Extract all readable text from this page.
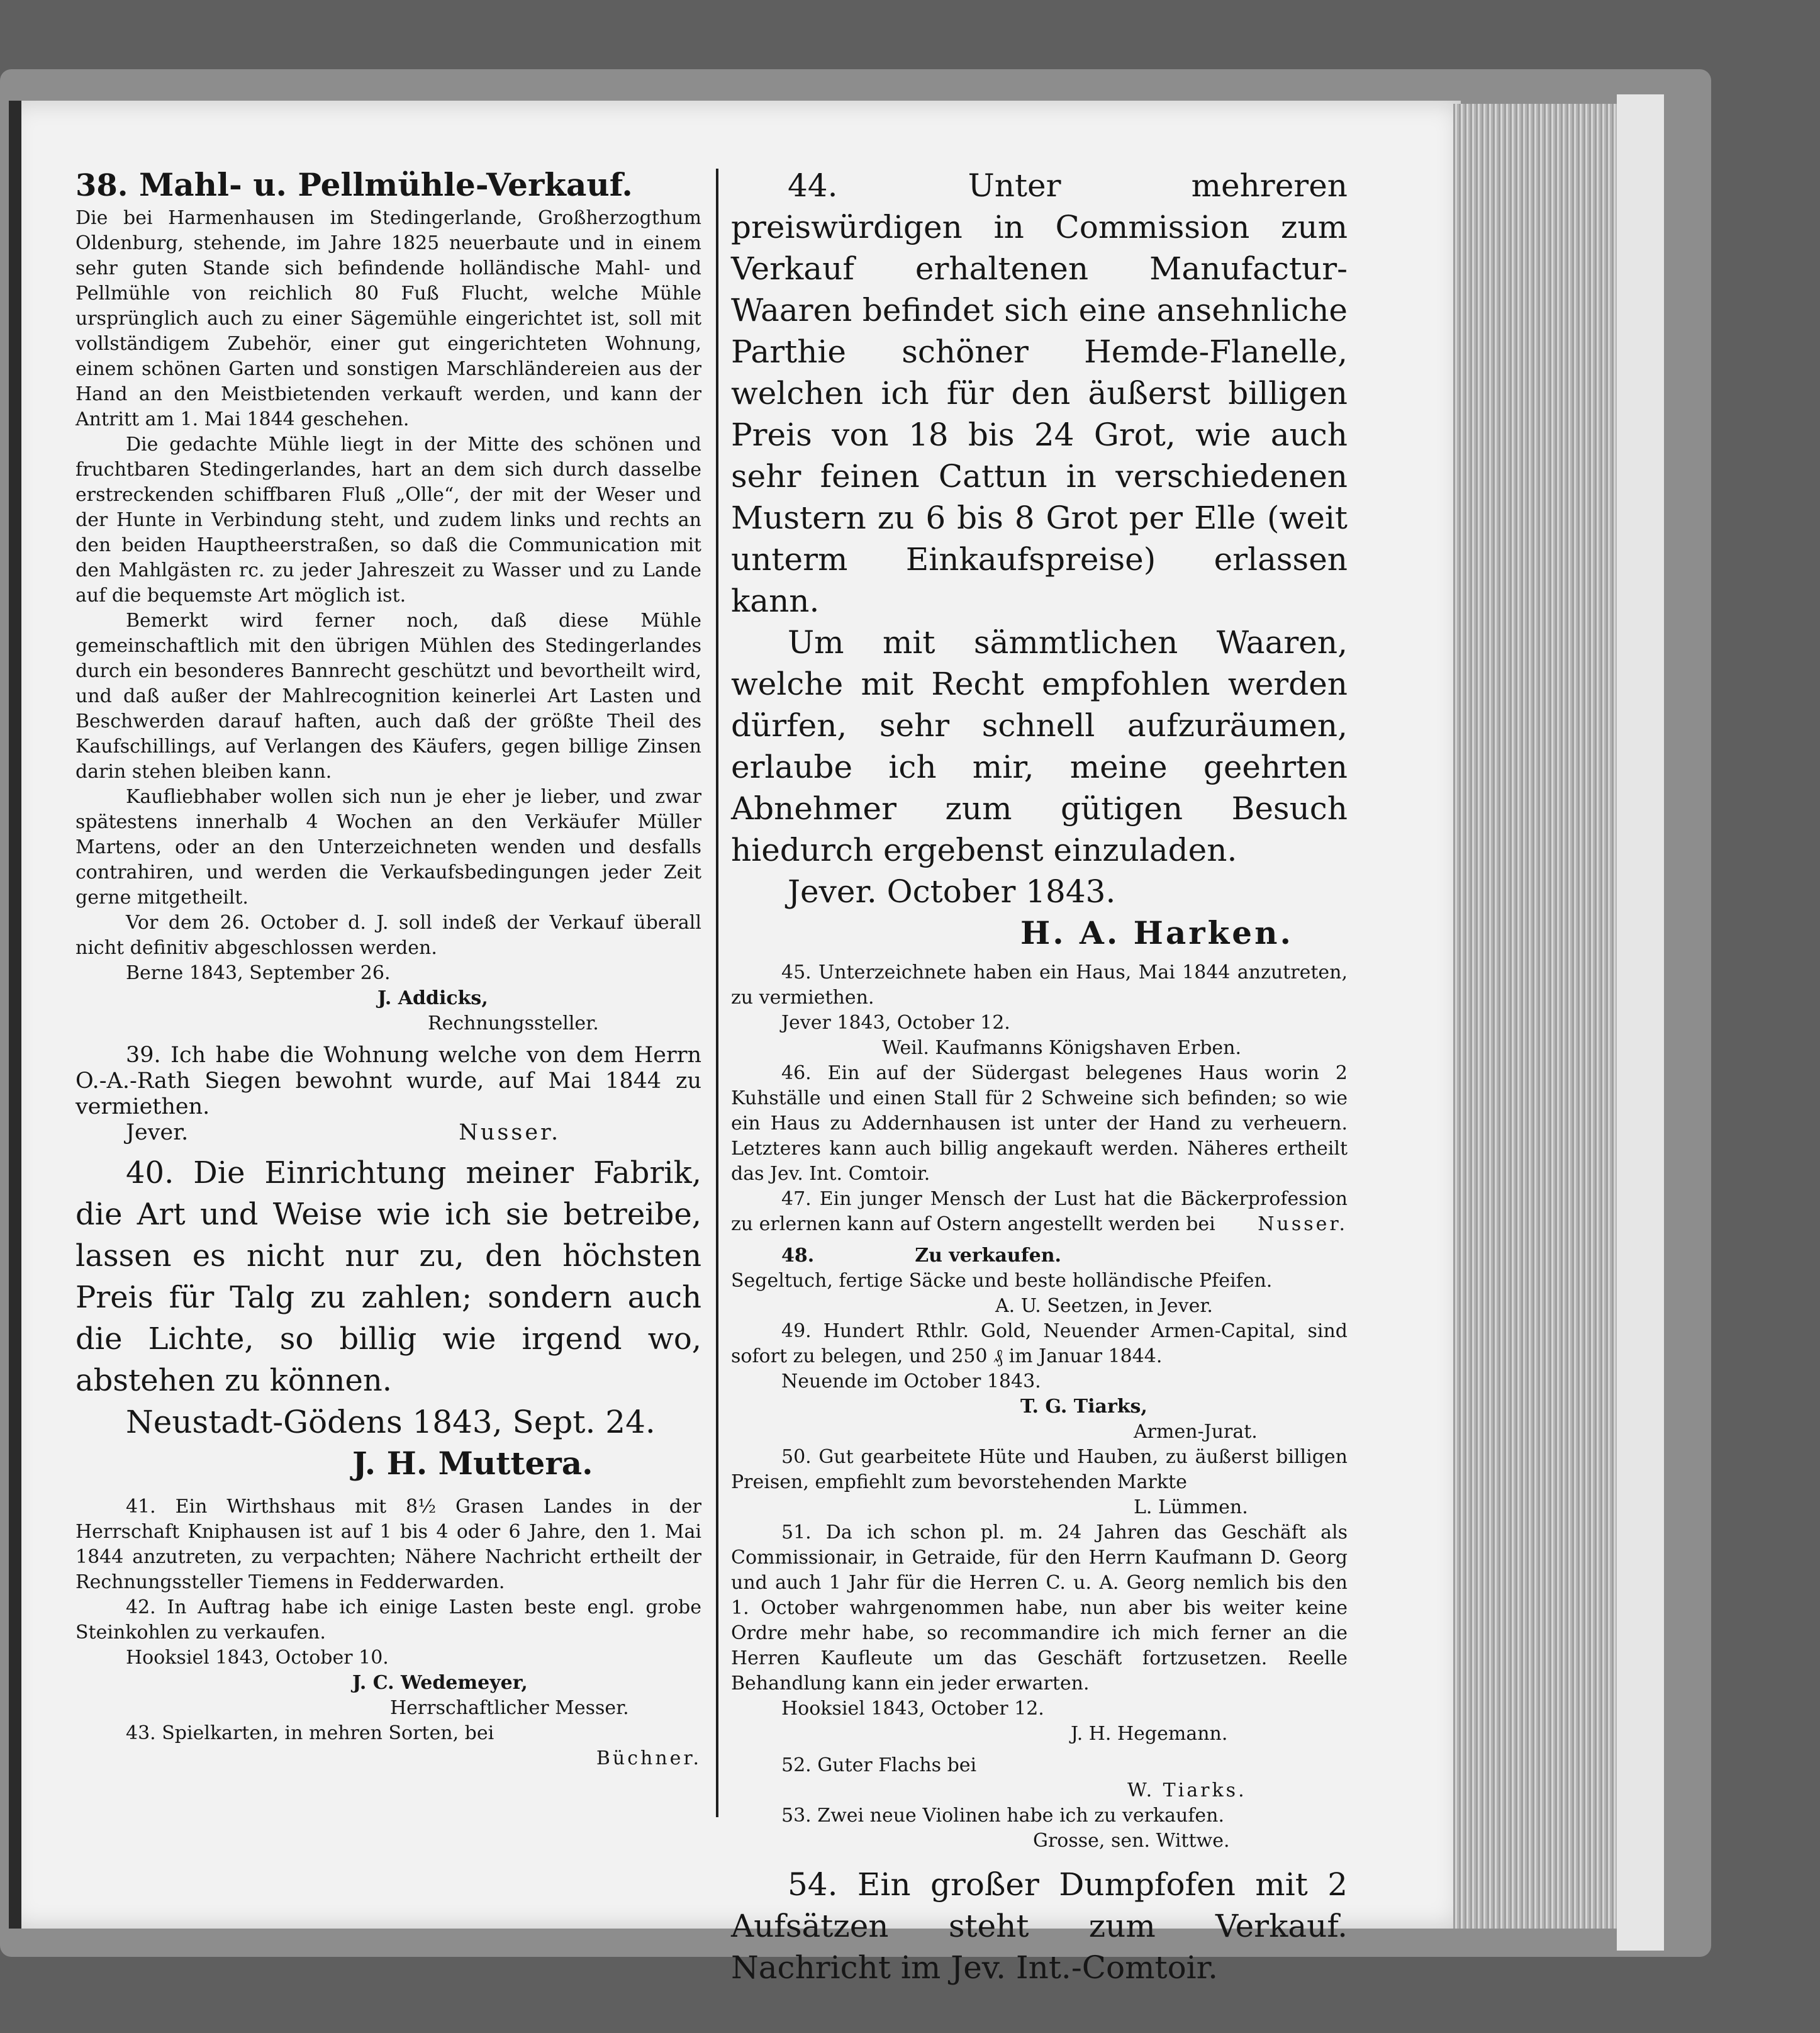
38. Mahl- u. Pellmühle-Verkauf.

Die bei Harmenhausen im Stedingerlande, Großherzogthum Oldenburg, stehende, im Jahre 1825 neuerbaute und in einem sehr guten Stande sich befindende holländische Mahl- und Pellmühle von reichlich 80 Fuß Flucht, welche Mühle ursprünglich auch zu einer Sägemühle eingerichtet ist, soll mit vollständigem Zubehör, einer gut eingerichteten Wohnung, einem schönen Garten und sonstigen Marschländereien aus der Hand an den Meistbietenden verkauft werden, und kann der Antritt am 1. Mai 1844 geschehen.

Die gedachte Mühle liegt in der Mitte des schönen und fruchtbaren Stedingerlandes, hart an dem sich durch dasselbe erstreckenden schiffbaren Fluß „Olle“, der mit der Weser und der Hunte in Verbindung steht, und zudem links und rechts an den beiden Hauptheerstraßen, so daß die Communication mit den Mahlgästen rc. zu jeder Jahreszeit zu Wasser und zu Lande auf die bequemste Art möglich ist.

Bemerkt wird ferner noch, daß diese Mühle gemeinschaftlich mit den übrigen Mühlen des Stedingerlandes durch ein besonderes Bannrecht geschützt und bevortheilt wird, und daß außer der Mahlrecognition keinerlei Art Lasten und Beschwerden darauf haften, auch daß der größte Theil des Kaufschillings, auf Verlangen des Käufers, gegen billige Zinsen darin stehen bleiben kann.

Kaufliebhaber wollen sich nun je eher je lieber, und zwar spätestens innerhalb 4 Wochen an den Verkäufer Müller Martens, oder an den Unterzeichneten wenden und desfalls contrahiren, und werden die Verkaufsbedingungen jeder Zeit gerne mitgetheilt.

Vor dem 26. October d. J. soll indeß der Verkauf überall nicht definitiv abgeschlossen werden.

Berne 1843, September 26.

J. Addicks,

Rechnungssteller.

39. Ich habe die Wohnung welche von dem Herrn O.-A.-Rath Siegen bewohnt wurde, auf Mai 1844 zu vermiethen.

Jever.	Nusser.

40. Die Einrichtung meiner Fabrik, die Art und Weise wie ich sie betreibe, lassen es nicht nur zu, den höchsten Preis für Talg zu zahlen; sondern auch die Lichte, so billig wie irgend wo, abstehen zu können.

Neustadt-Gödens 1843, Sept. 24.

J. H. Muttera.

41. Ein Wirthshaus mit 8½ Grasen Landes in der Herrschaft Kniphausen ist auf 1 bis 4 oder 6 Jahre, den 1. Mai 1844 anzutreten, zu verpachten; Nähere Nachricht ertheilt der Rechnungssteller Tiemens in Fedderwarden.

42. In Auftrag habe ich einige Lasten beste engl. grobe Steinkohlen zu verkaufen.

Hooksiel 1843, October 10.

J. C. Wedemeyer,

Herrschaftlicher Messer.

43. Spielkarten, in mehren Sorten, bei

Büchner.

44. Unter mehreren preiswürdigen in Commission zum Verkauf erhaltenen Manufactur-Waaren befindet sich eine ansehnliche Parthie schöner Hemde-Flanelle, welchen ich für den äußerst billigen Preis von 18 bis 24 Grot, wie auch sehr feinen Cattun in verschiedenen Mustern zu 6 bis 8 Grot per Elle (weit unterm Einkaufspreise) erlassen kann.

Um mit sämmtlichen Waaren, welche mit Recht empfohlen werden dürfen, sehr schnell aufzuräumen, erlaube ich mir, meine geehrten Abnehmer zum gütigen Besuch hiedurch ergebenst einzuladen.

Jever. October 1843.

H. A. Harken.

45. Unterzeichnete haben ein Haus, Mai 1844 anzutreten, zu vermiethen.

Jever 1843, October 12.

Weil. Kaufmanns Königshaven Erben.

46. Ein auf der Südergast belegenes Haus worin 2 Kuhställe und einen Stall für 2 Schweine sich befinden; so wie ein Haus zu Addernhausen ist unter der Hand zu verheuern. Letzteres kann auch billig angekauft werden. Näheres ertheilt das Jev. Int. Comtoir.

47. Ein junger Mensch der Lust hat die Bäckerprofession zu erlernen kann auf Ostern angestellt werden bei	Nusser.

48.	Zu verkaufen.

Segeltuch, fertige Säcke und beste holländische Pfeifen.

A. U. Seetzen, in Jever.

49. Hundert Rthlr. Gold, Neuender Armen-Capital, sind sofort zu belegen, und 250 ₰ im Januar 1844.

Neuende im October 1843.

T. G. Tiarks,

Armen-Jurat.

50. Gut gearbeitete Hüte und Hauben, zu äußerst billigen Preisen, empfiehlt zum bevorstehenden Markte

L. Lümmen.

51. Da ich schon pl. m. 24 Jahren das Geschäft als Commissionair, in Getraide, für den Herrn Kaufmann D. Georg und auch 1 Jahr für die Herren C. u. A. Georg nemlich bis den 1. October wahrgenommen habe, nun aber bis weiter keine Ordre mehr habe, so recommandire ich mich ferner an die Herren Kaufleute um das Geschäft fortzusetzen. Reelle Behandlung kann ein jeder erwarten.

Hooksiel 1843, October 12.

J. H. Hegemann.

52. Guter Flachs bei

W. Tiarks.

53. Zwei neue Violinen habe ich zu verkaufen.

Grosse, sen. Wittwe.

54. Ein großer Dumpfofen mit 2 Aufsätzen steht zum Verkauf. Nachricht im Jev. Int.-Comtoir.
